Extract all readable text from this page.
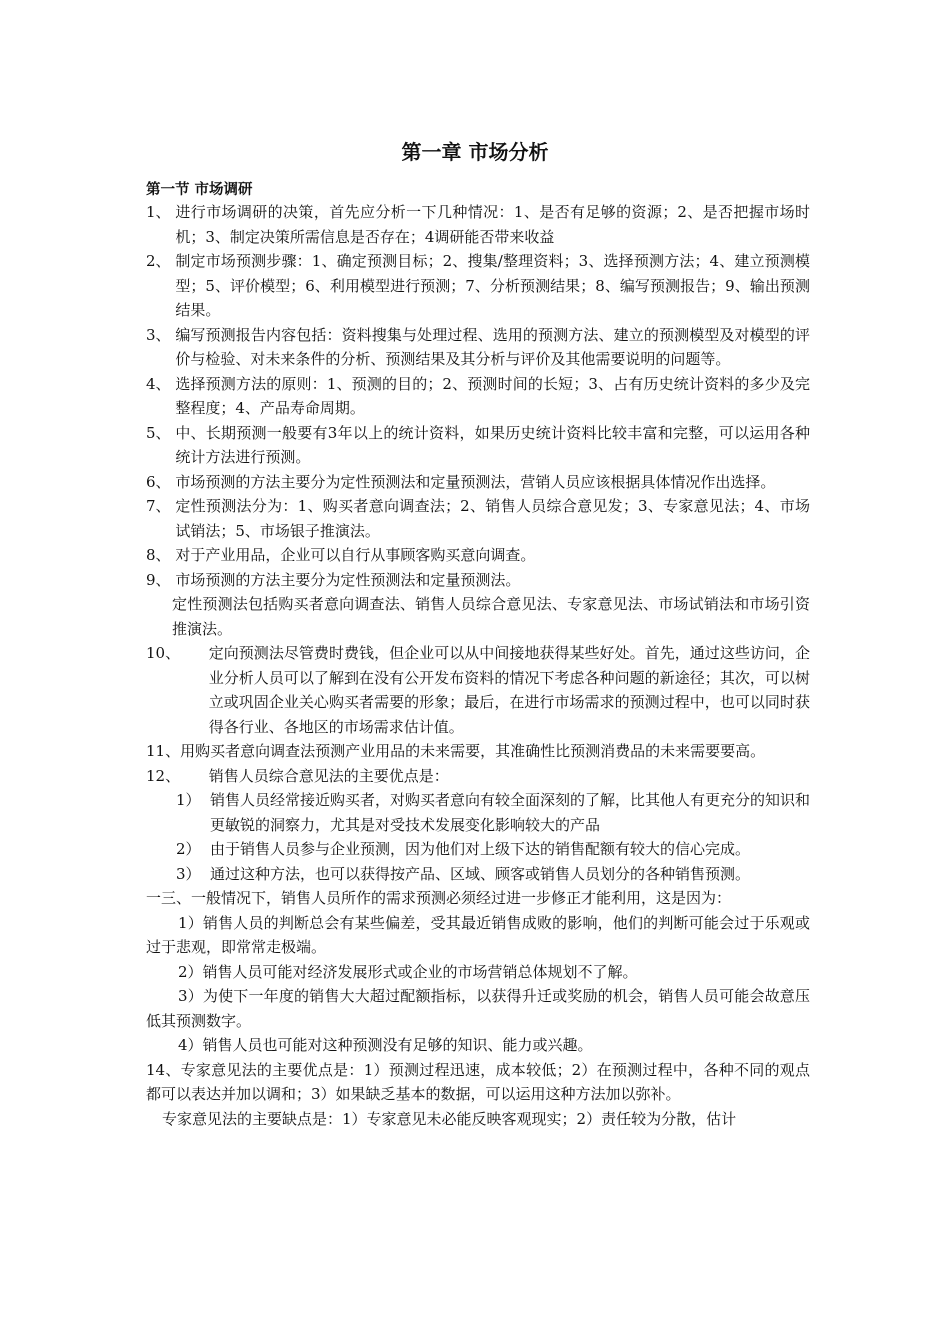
第一章 市场分析
第一节 市场调研
1、 进行市场调研的决策，首先应分析一下几种情况：1、是否有足够的资源；2、是否把握市场时机；3、制定决策所需信息是否存在；4调研能否带来收益
2、 制定市场预测步骤：1、确定预测目标；2、搜集/整理资料；3、选择预测方法；4、建立预测模型；5、评价模型；6、利用模型进行预测；7、分析预测结果；8、编写预测报告；9、输出预测结果。
3、 编写预测报告内容包括：资料搜集与处理过程、选用的预测方法、建立的预测模型及对模型的评价与检验、对未来条件的分析、预测结果及其分析与评价及其他需要说明的问题等。
4、 选择预测方法的原则：1、预测的目的；2、预测时间的长短；3、占有历史统计资料的多少及完整程度；4、产品寿命周期。
5、 中、长期预测一般要有3年以上的统计资料，如果历史统计资料比较丰富和完整，可以运用各种统计方法进行预测。
6、 市场预测的方法主要分为定性预测法和定量预测法，营销人员应该根据具体情况作出选择。
7、 定性预测法分为：1、购买者意向调查法；2、销售人员综合意见发；3、专家意见法；4、市场试销法；5、市场银子推演法。
8、 对于产业用品，企业可以自行从事顾客购买意向调查。
9、 市场预测的方法主要分为定性预测法和定量预测法。
定性预测法包括购买者意向调查法、销售人员综合意见法、专家意见法、市场试销法和市场引资推演法。
10、 定向预测法尽管费时费钱，但企业可以从中间接地获得某些好处。首先，通过这些访问，企业分析人员可以了解到在没有公开发布资料的情况下考虑各种问题的新途径；其次，可以树立或巩固企业关心购买者需要的形象；最后，在进行市场需求的预测过程中，也可以同时获得各行业、各地区的市场需求估计值。
11、 用购买者意向调查法预测产业用品的未来需要，其准确性比预测消费品的未来需要要高。
12、 销售人员综合意见法的主要优点是：
1） 销售人员经常接近购买者，对购买者意向有较全面深刻的了解，比其他人有更充分的知识和更敏锐的洞察力，尤其是对受技术发展变化影响较大的产品
2） 由于销售人员参与企业预测，因为他们对上级下达的销售配额有较大的信心完成。
3） 通过这种方法，也可以获得按产品、区域、顾客或销售人员划分的各种销售预测。
一三、一般情况下，销售人员所作的需求预测必须经过进一步修正才能利用，这是因为：
1）销售人员的判断总会有某些偏差，受其最近销售成败的影响，他们的判断可能会过于乐观或过于悲观，即常常走极端。
2）销售人员可能对经济发展形式或企业的市场营销总体规划不了解。
3）为使下一年度的销售大大超过配额指标，以获得升迁或奖励的机会，销售人员可能会故意压低其预测数字。
4）销售人员也可能对这种预测没有足够的知识、能力或兴趣。
14、专家意见法的主要优点是：1）预测过程迅速，成本较低；2）在预测过程中，各种不同的观点都可以表达并加以调和；3）如果缺乏基本的数据，可以运用这种方法加以弥补。
专家意见法的主要缺点是：1）专家意见未必能反映客观现实；2）责任较为分散，估计
